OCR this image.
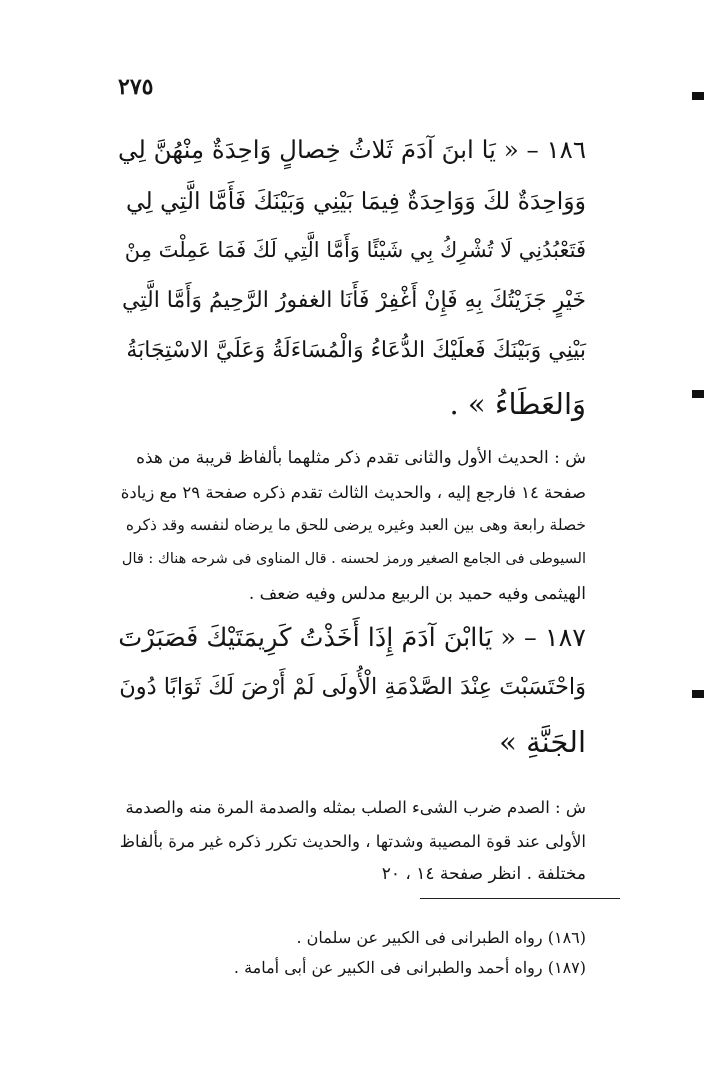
٢٧٥
١٨٦ – « يَا ابنَ آدَمَ ثَلاثُ خِصالٍ وَاحِدَةٌ مِنْهُنَّ لِي
وَوَاحِدَةٌ لكَ وَوَاحِدَةٌ فِيمَا بَيْنِي وَبَيْنَكَ فَأَمَّا الَّتِي لِي
فَتَعْبُدُنِي لَا تُشْرِكُ بِي شَيْئًا وَأَمَّا الَّتِي لَكَ فَمَا عَمِلْتَ مِنْ
خَيْرٍ جَزَيْتُكَ بِهِ فَإِنْ أَغْفِرْ فَأَنَا الغفورُ الرَّحِيمُ وَأَمَّا الَّتِي
بَيْنِي وَبَيْنَكَ فَعلَيْكَ الدُّعَاءُ وَالْمُسَاءَلَةُ وَعَلَيَّ الاسْتِجَابَةُ
وَالعَطَاءُ » .
ش : الحديث الأول والثانى تقدم ذكر مثلهما بألفاظ قريبة من هذه
صفحة ١٤ فارجع إليه ، والحديث الثالث تقدم ذكره صفحة ٢٩ مع زيادة
خصلة رابعة وهى بين العبد وغيره يرضى للحق ما يرضاه لنفسه وقد ذكره
السيوطى فى الجامع الصغير ورمز لحسنه . قال المناوى فى شرحه هناك : قال
الهيثمى وفيه حميد بن الربيع مدلس وفيه ضعف .
١٨٧ – « يَاابْنَ آدَمَ إِذَا أَخَذْتُ كَرِيمَتَيْكَ فَصَبَرْتَ
وَاحْتَسَبْتَ عِنْدَ الصَّدْمَةِ الْأُولَى لَمْ أَرْضَ لَكَ ثَوَابًا دُونَ
الجَنَّةِ »
ش : الصدم ضرب الشىء الصلب بمثله والصدمة المرة منه والصدمة
الأولى عند قوة المصيبة وشدتها ، والحديث تكرر ذكره غير مرة بألفاظ
مختلفة . انظر صفحة ١٤ ، ٢٠
(١٨٦) رواه الطبرانى فى الكبير عن سلمان .
(١٨٧) رواه أحمد والطبرانى فى الكبير عن أبى أمامة .
